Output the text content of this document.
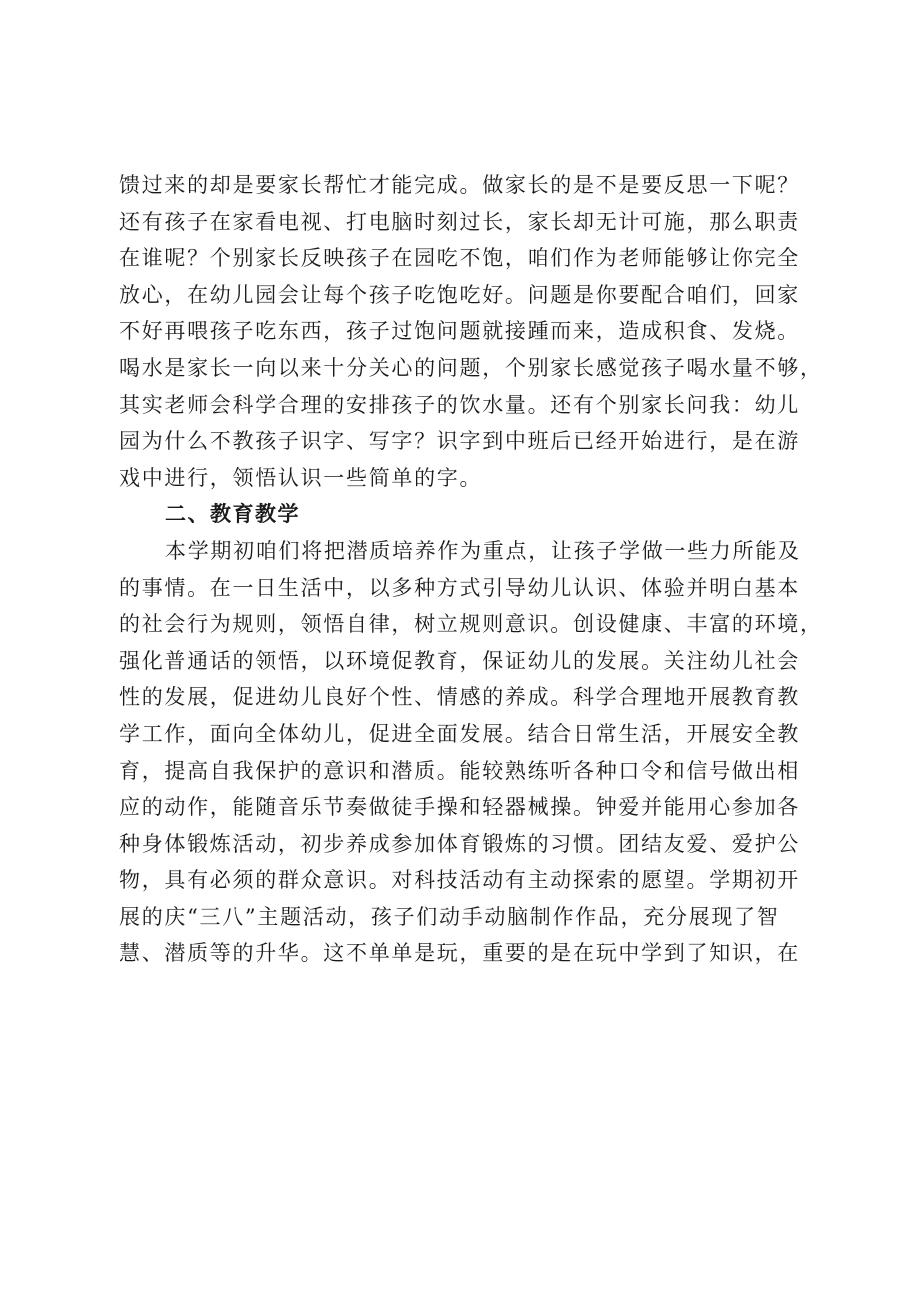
馈过来的却是要家长帮忙才能完成。做家长的是不是要反思一下呢？
还有孩子在家看电视、打电脑时刻过长，家长却无计可施，那么职责
在谁呢？个别家长反映孩子在园吃不饱，咱们作为老师能够让你完全
放心，在幼儿园会让每个孩子吃饱吃好。问题是你要配合咱们，回家
不好再喂孩子吃东西，孩子过饱问题就接踵而来，造成积食、发烧。
喝水是家长一向以来十分关心的问题，个别家长感觉孩子喝水量不够，
其实老师会科学合理的安排孩子的饮水量。还有个别家长问我：幼儿
园为什么不教孩子识字、写字？识字到中班后已经开始进行，是在游
戏中进行，领悟认识一些简单的字。
二、教育教学
本学期初咱们将把潜质培养作为重点，让孩子学做一些力所能及
的事情。在一日生活中，以多种方式引导幼儿认识、体验并明白基本
的社会行为规则，领悟自律，树立规则意识。创设健康、丰富的环境，
强化普通话的领悟，以环境促教育，保证幼儿的发展。关注幼儿社会
性的发展，促进幼儿良好个性、情感的养成。科学合理地开展教育教
学工作，面向全体幼儿，促进全面发展。结合日常生活，开展安全教
育，提高自我保护的意识和潜质。能较熟练听各种口令和信号做出相
应的动作，能随音乐节奏做徒手操和轻器械操。钟爱并能用心参加各
种身体锻炼活动，初步养成参加体育锻炼的习惯。团结友爱、爱护公
物，具有必须的群众意识。对科技活动有主动探索的愿望。学期初开
展的庆“三八”主题活动，孩子们动手动脑制作作品，充分展现了智
慧、潜质等的升华。这不单单是玩，重要的是在玩中学到了知识，在
